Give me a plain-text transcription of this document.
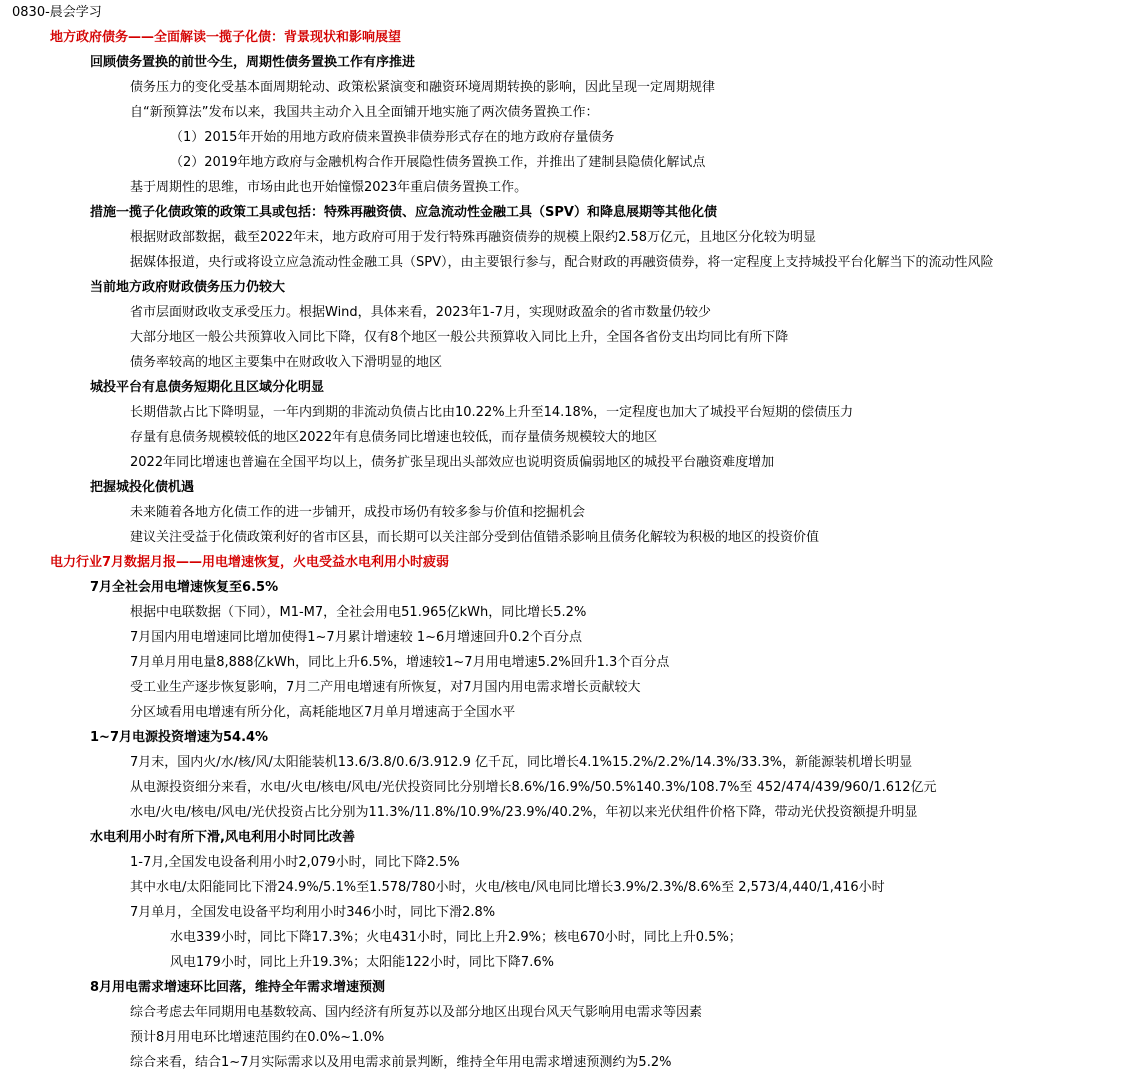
0830-晨会学习
地方政府债务——全面解读一揽子化债：背景现状和影响展望
回顾债务置换的前世今生，周期性债务置换工作有序推进
债务压力的变化受基本面周期轮动、政策松紧演变和融资环境周期转换的影响，因此呈现一定周期规律
自“新预算法”发布以来，我国共主动介入且全面铺开地实施了两次债务置换工作：
（1）2015年开始的用地方政府债来置换非债券形式存在的地方政府存量债务
（2）2019年地方政府与金融机构合作开展隐性债务置换工作，并推出了建制县隐债化解试点
基于周期性的思维，市场由此也开始憧憬2023年重启债务置换工作。
措施一揽子化债政策的政策工具或包括：特殊再融资债、应急流动性金融工具（SPV）和降息展期等其他化债
根据财政部数据，截至2022年末，地方政府可用于发行特殊再融资债券的规模上限约2.58万亿元，且地区分化较为明显
据媒体报道，央行或将设立应急流动性金融工具（SPV），由主要银行参与，配合财政的再融资债券，将一定程度上支持城投平台化解当下的流动性风险
当前地方政府财政债务压力仍较大
省市层面财政收支承受压力。根据Wind，具体来看，2023年1-7月，实现财政盈余的省市数量仍较少
大部分地区一般公共预算收入同比下降，仅有8个地区一般公共预算收入同比上升，全国各省份支出均同比有所下降
债务率较高的地区主要集中在财政收入下滑明显的地区
城投平台有息债务短期化且区域分化明显
长期借款占比下降明显，一年内到期的非流动负债占比由10.22%上升至14.18%，一定程度也加大了城投平台短期的偿债压力
存量有息债务规模较低的地区2022年有息债务同比增速也较低，而存量债务规模较大的地区
2022年同比增速也普遍在全国平均以上，债务扩张呈现出头部效应也说明资质偏弱地区的城投平台融资难度增加
把握城投化债机遇
未来随着各地方化债工作的进一步铺开，成投市场仍有较多参与价值和挖掘机会
建议关注受益于化债政策利好的省市区县，而长期可以关注部分受到估值错杀影响且债务化解较为积极的地区的投资价值
电力行业7月数据月报——用电增速恢复，火电受益水电利用小时疲弱
7月全社会用电增速恢复至6.5%
根据中电联数据（下同），M1-M7，全社会用电51.965亿kWh，同比增长5.2%
7月国内用电增速同比增加使得1~7月累计增速较 1~6月增速回升0.2个百分点
7月单月用电量8,888亿kWh，同比上升6.5%，增速较1~7月用电增速5.2%回升1.3个百分点
受工业生产逐步恢复影响，7月二产用电增速有所恢复，对7月国内用电需求增长贡献较大
分区域看用电增速有所分化，高耗能地区7月单月增速高于全国水平
1~7月电源投资增速为54.4%
7月末，国内火/水/核/风/太阳能装机13.6/3.8/0.6/3.912.9 亿千瓦，同比增长4.1%15.2%/2.2%/14.3%/33.3%，新能源装机增长明显
从电源投资细分来看，水电/火电/核电/风电/光伏投资同比分别增长8.6%/16.9%/50.5%140.3%/108.7%至 452/474/439/960/1.612亿元
水电/火电/核电/风电/光伏投资占比分别为11.3%/11.8%/10.9%/23.9%/40.2%，年初以来光伏组件价格下降，带动光伏投资额提升明显
水电利用小时有所下滑,风电利用小时同比改善
1-7月,全国发电设备利用小时2,079小时，同比下降2.5%
其中水电/太阳能同比下滑24.9%/5.1%至1.578/780小时，火电/核电/风电同比增长3.9%/2.3%/8.6%至 2,573/4,440/1,416小时
7月单月，全国发电设备平均利用小时346小时，同比下滑2.8%
水电339小时，同比下降17.3%；火电431小时，同比上升2.9%；核电670小时，同比上升0.5%；
风电179小时，同比上升19.3%；太阳能122小时，同比下降7.6%
8月用电需求增速环比回落，维持全年需求增速预测
综合考虑去年同期用电基数较高、国内经济有所复苏以及部分地区出现台风天气影响用电需求等因素
预计8月用电环比增速范围约在0.0%~1.0%
综合来看，结合1~7月实际需求以及用电需求前景判断，维持全年用电需求增速预测约为5.2%
